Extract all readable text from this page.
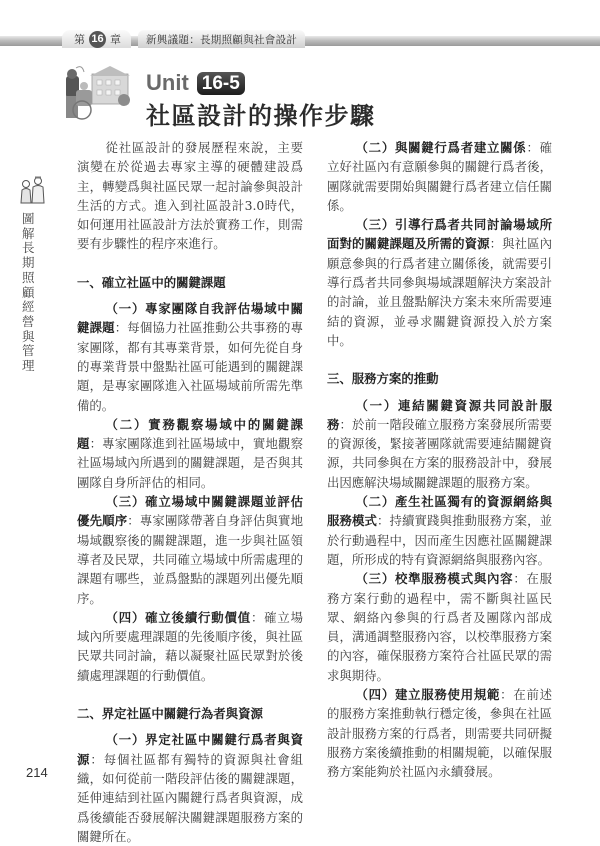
第 16 章 新興議題：長期照顧與社會設計
Unit 16-5
社區設計的操作步驟
圖解長期照顧經營與管理

從社區設計的發展歷程來說，主要演變在於從過去專家主導的硬體建設爲主，轉變爲與社區民眾一起討論參與設計生活的方式。進入到社區設計3.0時代，如何運用社區設計方法於實務工作，則需要有步驟性的程序來進行。

一、確立社區中的關鍵課題

（一）專家團隊自我評估場域中關鍵課題：每個協力社區推動公共事務的專家團隊，都有其專業背景，如何先從自身的專業背景中盤點社區可能遇到的關鍵課題，是專家團隊進入社區場域前所需先準備的。

（二）實務觀察場域中的關鍵課題：專家團隊進到社區場域中，實地觀察社區場域內所遇到的關鍵課題，是否與其團隊自身所評估的相同。

（三）確立場域中關鍵課題並評估優先順序：專家團隊帶著自身評估與實地場域觀察後的關鍵課題，進一步與社區領導者及民眾，共同確立場域中所需處理的課題有哪些，並爲盤點的課題列出優先順序。

（四）確立後續行動價值：確立場域內所要處理課題的先後順序後，與社區民眾共同討論，藉以凝聚社區民眾對於後續處理課題的行動價值。

二、界定社區中關鍵行為者與資源

（一）界定社區中關鍵行爲者與資源：每個社區都有獨特的資源與社會組織，如何從前一階段評估後的關鍵課題，延伸連結到社區內關鍵行爲者與資源，成爲後續能否發展解決關鍵課題服務方案的關鍵所在。

（二）與關鍵行爲者建立關係：確立好社區內有意願參與的關鍵行爲者後，團隊就需要開始與關鍵行爲者建立信任關係。

（三）引導行爲者共同討論場域所面對的關鍵課題及所需的資源：與社區內願意參與的行爲者建立關係後，就需要引導行爲者共同參與場域課題解決方案設計的討論，並且盤點解決方案未來所需要連結的資源，並尋求關鍵資源投入於方案中。

三、服務方案的推動

（一）連結關鍵資源共同設計服務：於前一階段確立服務方案發展所需要的資源後，緊接著團隊就需要連結關鍵資源，共同參與在方案的服務設計中，發展出因應解決場域關鍵課題的服務方案。

（二）產生社區獨有的資源網絡與服務模式：持續實踐與推動服務方案，並於行動過程中，因而產生因應社區關鍵課題，所形成的特有資源網絡與服務內容。

（三）校準服務模式與內容：在服務方案行動的過程中，需不斷與社區民眾、網絡內參與的行爲者及團隊內部成員，溝通調整服務內容，以校準服務方案的內容，確保服務方案符合社區民眾的需求與期待。

（四）建立服務使用規範：在前述的服務方案推動執行穩定後，參與在社區設計服務方案的行爲者，則需要共同研擬服務方案後續推動的相關規範，以確保服務方案能夠於社區內永續發展。

214
